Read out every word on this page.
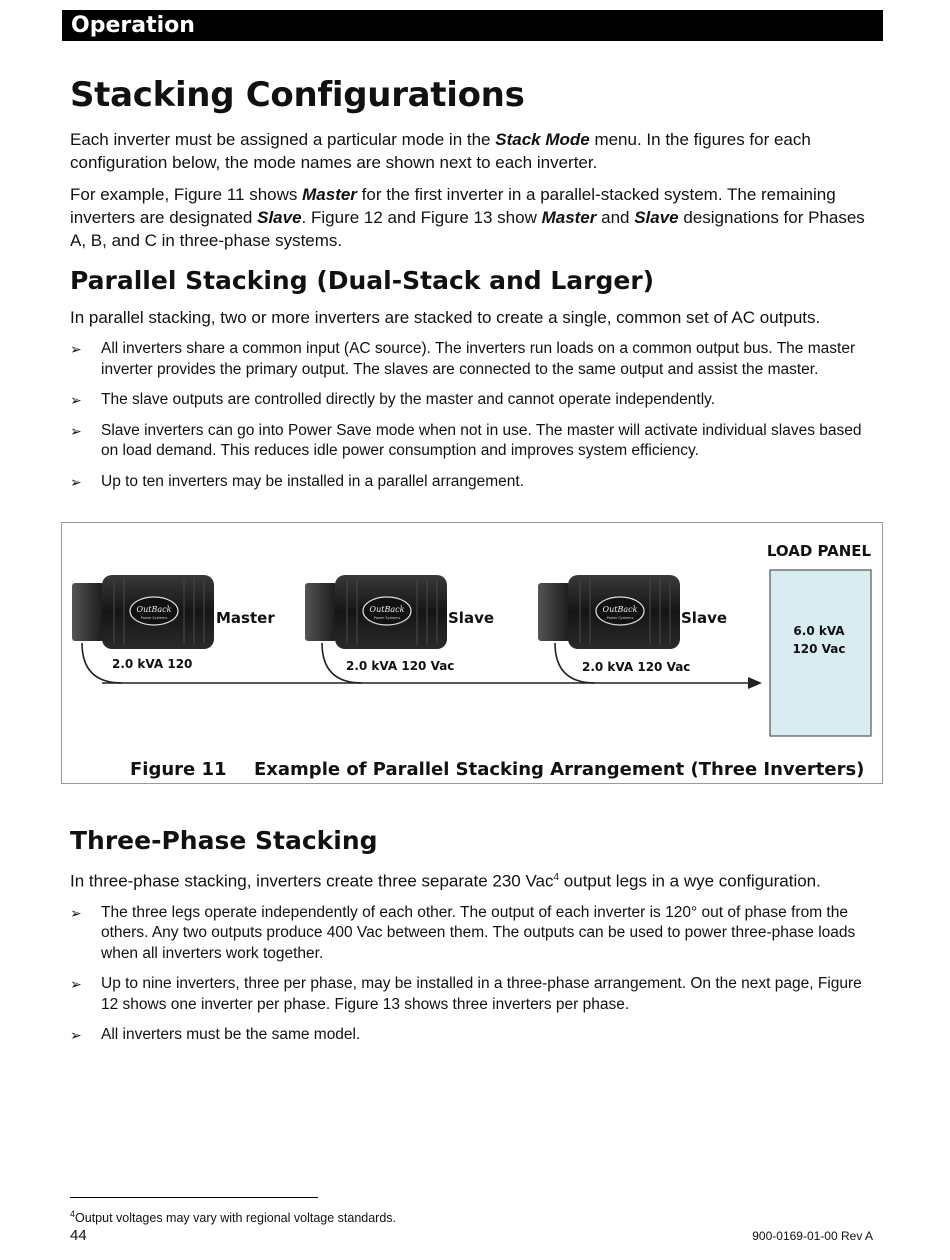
Operation
Stacking Configurations

Each inverter must be assigned a particular mode in the Stack Mode menu. In the figures for each configuration below, the mode names are shown next to each inverter.

For example, Figure 11 shows Master for the first inverter in a parallel-stacked system. The remaining inverters are designated Slave. Figure 12 and Figure 13 show Master and Slave designations for Phases A, B, and C in three-phase systems.

Parallel Stacking (Dual-Stack and Larger)

In parallel stacking, two or more inverters are stacked to create a single, common set of AC outputs.

➢ All inverters share a common input (AC source). The inverters run loads on a common output bus. The master inverter provides the primary output. The slaves are connected to the same output and assist the master.
➢ The slave outputs are controlled directly by the master and cannot operate independently.
➢ Slave inverters can go into Power Save mode when not in use. The master will activate individual slaves based on load demand. This reduces idle power consumption and improves system efficiency.
➢ Up to ten inverters may be installed in a parallel arrangement.
LOAD PANEL
6.0 kVA
120 Vac
OutBack
Power Systems	Master
2.0 kVA 120
OutBack
Power Systems	Slave
2.0 kVA 120 Vac
OutBack
Power Systems	Slave
2.0 kVA 120 Vac
Figure 11 Example of Parallel Stacking Arrangement (Three Inverters)
Three-Phase Stacking

In three-phase stacking, inverters create three separate 230 Vac$^4$ output legs in a wye configuration.

➢ The three legs operate independently of each other. The output of each inverter is 120° out of phase from the others. Any two outputs produce 400 Vac between them. The outputs can be used to power three-phase loads when all inverters work together.
➢ Up to nine inverters, three per phase, may be installed in a three-phase arrangement. On the next page, Figure 12 shows one inverter per phase. Figure 13 shows three inverters per phase.
➢ All inverters must be the same model.
$^4$Output voltages may vary with regional voltage standards.
44	900-0169-01-00 Rev A
